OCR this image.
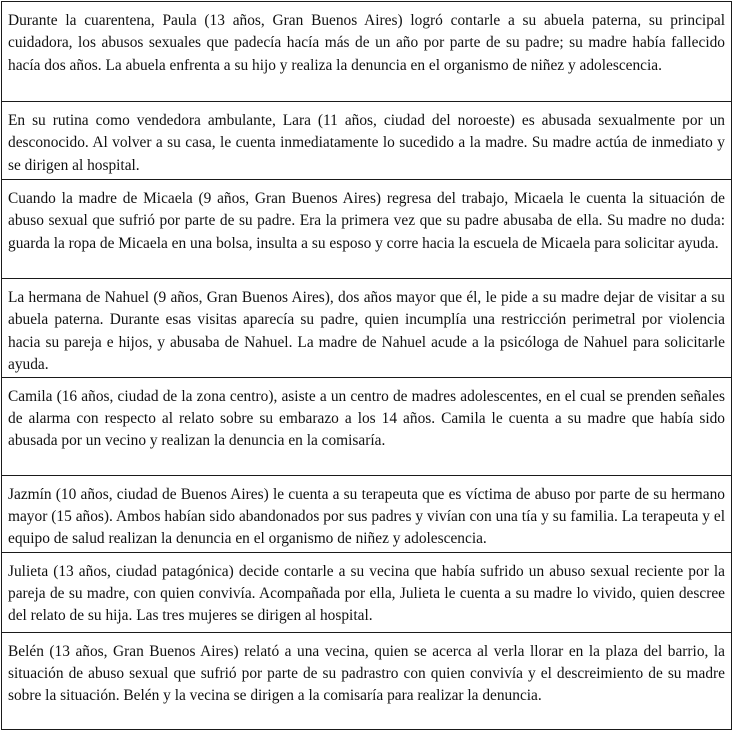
Durante la cuarentena, Paula (13 años, Gran Buenos Aires) logró contarle a su abuela paterna, su principal cuidadora, los abusos sexuales que padecía hacía más de un año por parte de su padre; su madre había fallecido hacía dos años. La abuela enfrenta a su hijo y realiza la denuncia en el organismo de niñez y adolescencia.
En su rutina como vendedora ambulante, Lara (11 años, ciudad del noroeste) es abusada sexualmente por un desconocido. Al volver a su casa, le cuenta inmediatamente lo sucedido a la madre. Su madre actúa de inmediato y se dirigen al hospital.
Cuando la madre de Micaela (9 años, Gran Buenos Aires) regresa del trabajo, Micaela le cuenta la situación de abuso sexual que sufrió por parte de su padre. Era la primera vez que su padre abusaba de ella. Su madre no duda: guarda la ropa de Micaela en una bolsa, insulta a su esposo y corre hacia la escuela de Micaela para solicitar ayuda.
La hermana de Nahuel (9 años, Gran Buenos Aires), dos años mayor que él, le pide a su madre dejar de visitar a su abuela paterna. Durante esas visitas aparecía su padre, quien incumplía una restricción perimetral por violencia hacia su pareja e hijos, y abusaba de Nahuel. La madre de Nahuel acude a la psicóloga de Nahuel para solicitarle ayuda.
Camila (16 años, ciudad de la zona centro), asiste a un centro de madres adolescentes, en el cual se prenden señales de alarma con respecto al relato sobre su embarazo a los 14 años. Camila le cuenta a su madre que había sido abusada por un vecino y realizan la denuncia en la comisaría.
Jazmín (10 años, ciudad de Buenos Aires) le cuenta a su terapeuta que es víctima de abuso por parte de su hermano mayor (15 años). Ambos habían sido abandonados por sus padres y vivían con una tía y su familia. La terapeuta y el equipo de salud realizan la denuncia en el organismo de niñez y adolescencia.
Julieta (13 años, ciudad patagónica) decide contarle a su vecina que había sufrido un abuso sexual reciente por la pareja de su madre, con quien convivía. Acompañada por ella, Julieta le cuenta a su madre lo vivido, quien descree del relato de su hija. Las tres mujeres se dirigen al hospital.
Belén (13 años, Gran Buenos Aires) relató a una vecina, quien se acerca al verla llorar en la plaza del barrio, la situación de abuso sexual que sufrió por parte de su padrastro con quien convivía y el descreimiento de su madre sobre la situación. Belén y la vecina se dirigen a la comisaría para realizar la denuncia.
